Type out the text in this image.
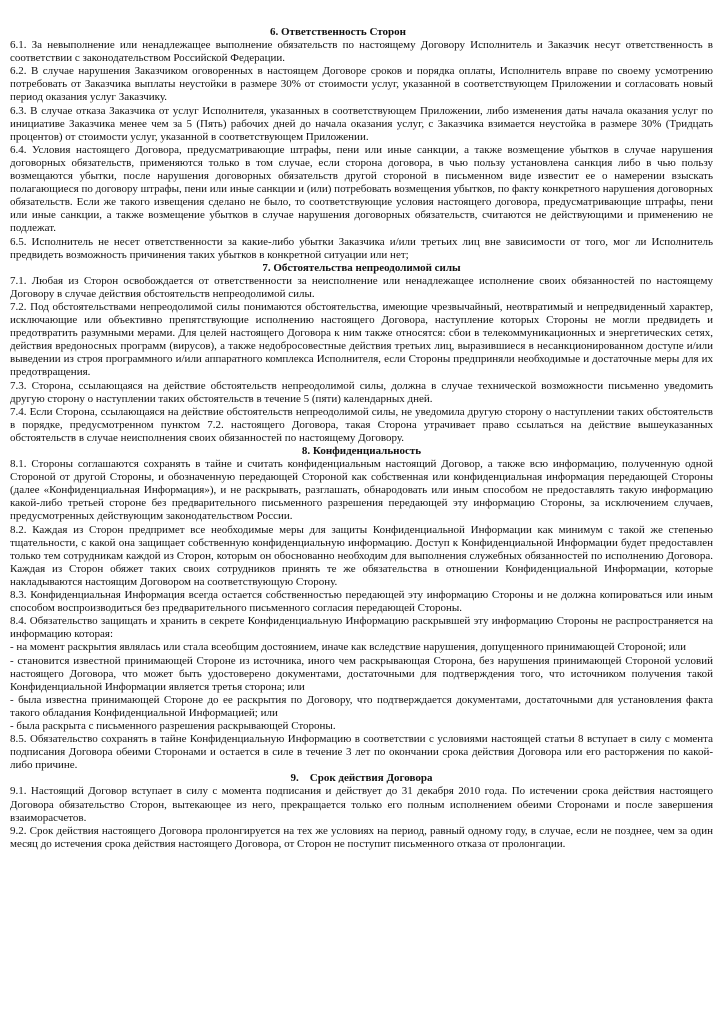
6. Ответственность Сторон

6.1. За невыполнение или ненадлежащее выполнение обязательств по настоящему Договору Исполнитель и Заказчик несут ответственность в соответствии с законодательством Российской Федерации.

6.2. В случае нарушения Заказчиком оговоренных в настоящем Договоре сроков и порядка оплаты, Исполнитель вправе по своему усмотрению потребовать от Заказчика выплаты неустойки в размере 30% от стоимости услуг, указанной в соответствующем Приложении и согласовать новый период оказания услуг Заказчику.

6.3. В случае отказа Заказчика от услуг Исполнителя, указанных в соответствующем Приложении, либо изменения даты начала оказания услуг по инициативе Заказчика менее чем за 5 (Пять) рабочих дней до начала оказания услуг, с Заказчика взимается неустойка в размере 30% (Тридцать процентов) от стоимости услуг, указанной в соответствующем Приложении.

6.4. Условия настоящего Договора, предусматривающие штрафы, пени или иные санкции, а также возмещение убытков в случае нарушения договорных обязательств, применяются только в том случае, если сторона договора, в чью пользу установлена санкция либо в чью пользу возмещаются убытки, после нарушения договорных обязательств другой стороной в письменном виде известит ее о намерении взыскать полагающиеся по договору штрафы, пени или иные санкции и (или) потребовать возмещения убытков, по факту конкретного нарушения договорных обязательств. Если же такого извещения сделано не было, то соответствующие условия настоящего договора, предусматривающие штрафы, пени или иные санкции, а также возмещение убытков в случае нарушения договорных обязательств, считаются не действующими и применению не подлежат.

6.5. Исполнитель не несет ответственности за какие-либо убытки Заказчика и/или третьих лиц вне зависимости от того, мог ли Исполнитель предвидеть возможность причинения таких убытков в конкретной ситуации или нет;

7. Обстоятельства непреодолимой силы

7.1. Любая из Сторон освобождается от ответственности за неисполнение или ненадлежащее исполнение своих обязанностей по настоящему Договору в случае действия обстоятельств непреодолимой силы.

7.2. Под обстоятельствами непреодолимой силы понимаются обстоятельства, имеющие чрезвычайный, неотвратимый и непредвиденный характер, исключающие или объективно препятствующие исполнению настоящего Договора, наступление которых Стороны не могли предвидеть и предотвратить разумными мерами. Для целей настоящего Договора к ним также относятся: сбои в телекоммуникационных и энергетических сетях, действия вредоносных программ (вирусов), а также недобросовестные действия третьих лиц, выразившиеся в несанкционированном доступе и/или выведении из строя программного и/или аппаратного комплекса Исполнителя, если Стороны предприняли необходимые и достаточные меры для их предотвращения.

7.3. Сторона, ссылающаяся на действие обстоятельств непреодолимой силы, должна в случае технической возможности письменно уведомить другую сторону о наступлении таких обстоятельств в течение 5 (пяти) календарных дней.

7.4. Если Сторона, ссылающаяся на действие обстоятельств непреодолимой силы, не уведомила другую сторону о наступлении таких обстоятельств в порядке, предусмотренном пунктом 7.2. настоящего Договора, такая Сторона утрачивает право ссылаться на действие вышеуказанных обстоятельств в случае неисполнения своих обязанностей по настоящему Договору.

8. Конфиденциальность

8.1. Стороны соглашаются сохранять в тайне и считать конфиденциальным настоящий Договор, а также всю информацию, полученную одной Стороной от другой Стороны, и обозначенную передающей Стороной как собственная или конфиденциальная информация передающей Стороны (далее «Конфиденциальная Информация»), и не раскрывать, разглашать, обнародовать или иным способом не предоставлять такую информацию какой-либо третьей стороне без предварительного письменного разрешения передающей эту информацию Стороны, за исключением случаев, предусмотренных действующим законодательством России.

8.2. Каждая из Сторон предпримет все необходимые меры для защиты Конфиденциальной Информации как минимум с такой же степенью тщательности, с какой она защищает собственную конфиденциальную информацию. Доступ к Конфиденциальной Информации будет предоставлен только тем сотрудникам каждой из Сторон, которым он обоснованно необходим для выполнения служебных обязанностей по исполнению Договора. Каждая из Сторон обяжет таких своих сотрудников принять те же обязательства в отношении Конфиденциальной Информации, которые накладываются настоящим Договором на соответствующую Сторону.

8.3. Конфиденциальная Информация всегда остается собственностью передающей эту информацию Стороны и не должна копироваться или иным способом воспроизводиться без предварительного письменного согласия передающей Стороны.

8.4. Обязательство защищать и хранить в секрете Конфиденциальную Информацию раскрывшей эту информацию Стороны не распространяется на информацию которая:

- на момент раскрытия являлась или стала всеобщим достоянием, иначе как вследствие нарушения, допущенного принимающей Стороной; или

- становится известной принимающей Стороне из источника, иного чем раскрывающая Сторона, без нарушения принимающей Стороной условий настоящего Договора, что может быть удостоверено документами, достаточными для подтверждения того, что источником получения такой Конфиденциальной Информации является третья сторона; или

- была известна принимающей Стороне до ее раскрытия по Договору, что подтверждается документами, достаточными для установления факта такого обладания Конфиденциальной Информацией; или

- была раскрыта с письменного разрешения раскрывающей Стороны.

8.5. Обязательство сохранять в тайне Конфиденциальную Информацию в соответствии с условиями настоящей статьи 8 вступает в силу с момента подписания Договора обеими Сторонами и остается в силе в течение 3 лет по окончании срока действия Договора или его расторжения по какой-либо причине.

9.    Срок действия Договора

9.1. Настоящий Договор вступает в силу с момента подписания и действует до 31 декабря 2010 года. По истечении срока действия настоящего Договора обязательство Сторон, вытекающее из него, прекращается только его полным исполнением обеими Сторонами и после завершения взаиморасчетов.

9.2. Срок действия настоящего Договора пролонгируется на тех же условиях на период, равный одному году, в случае, если не позднее, чем за один месяц до истечения срока действия настоящего Договора, от Сторон не поступит письменного отказа от пролонгации.
